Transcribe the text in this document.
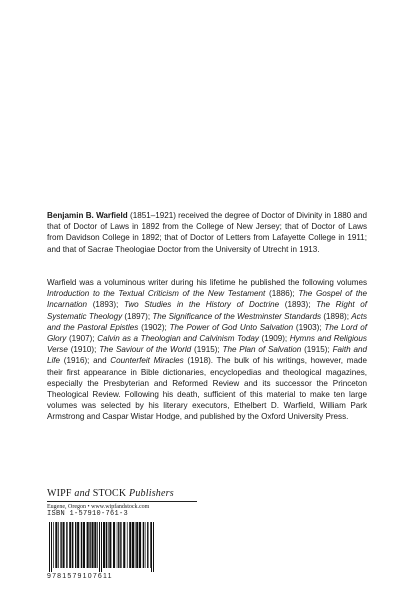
Benjamin B. Warfield (1851–1921) received the degree of Doctor of Divinity in 1880 and that of Doctor of Laws in 1892 from the College of New Jersey; that of Doctor of Laws from Davidson College in 1892; that of Doctor of Letters from Lafayette College in 1911; and that of Sacrae Theologiae Doctor from the University of Utrecht in 1913.

Warfield was a voluminous writer during his lifetime he published the following volumes Introduction to the Textual Criticism of the New Testament (1886); The Gospel of the Incarnation (1893); Two Studies in the History of Doctrine (1893); The Right of Systematic Theology (1897); The Significance of the Westminster Standards (1898); Acts and the Pastoral Epistles (1902); The Power of God Unto Salvation (1903); The Lord of Glory (1907); Calvin as a Theologian and Calvinism Today (1909); Hymns and Religious Verse (1910); The Saviour of the World (1915); The Plan of Salvation (1915); Faith and Life (1916); and Counterfeit Miracles (1918). The bulk of his writings, however, made their first appearance in Bible dictionaries, encyclopedias and theological magazines, especially the Presbyterian and Reformed Review and its successor the Princeton Theological Review. Following his death, sufficient of this material to make ten large volumes was selected by his literary executors, Ethelbert D. Warfield, William Park Armstrong and Caspar Wistar Hodge, and published by the Oxford University Press.

WIPF and STOCK Publishers
Eugene, Oregon • www.wipfandstock.com
ISBN 1-57910-761-3
9781579107611
